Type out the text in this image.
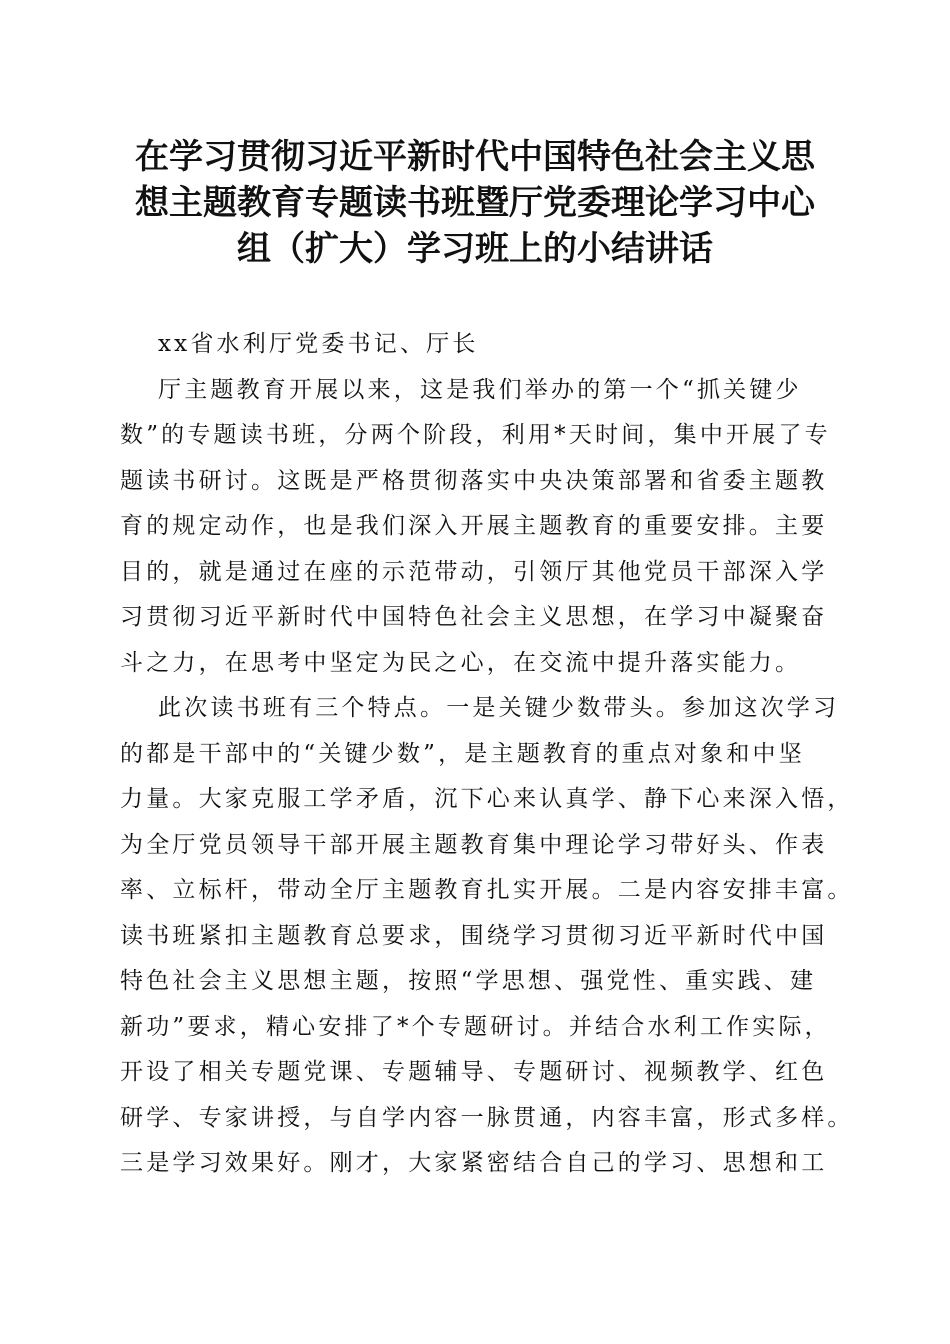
在学习贯彻习近平新时代中国特色社会主义思
想主题教育专题读书班暨厅党委理论学习中心
组（扩大）学习班上的小结讲话
xx省水利厅党委书记、厅长
厅主题教育开展以来，这是我们举办的第一个“抓关键少
数”的专题读书班，分两个阶段，利用*天时间，集中开展了专
题读书研讨。这既是严格贯彻落实中央决策部署和省委主题教
育的规定动作，也是我们深入开展主题教育的重要安排。主要
目的，就是通过在座的示范带动，引领厅其他党员干部深入学
习贯彻习近平新时代中国特色社会主义思想，在学习中凝聚奋
斗之力，在思考中坚定为民之心，在交流中提升落实能力。
此次读书班有三个特点。一是关键少数带头。参加这次学习
的都是干部中的“关键少数”，是主题教育的重点对象和中坚
力量。大家克服工学矛盾，沉下心来认真学、静下心来深入悟，
为全厅党员领导干部开展主题教育集中理论学习带好头、作表
率、立标杆，带动全厅主题教育扎实开展。二是内容安排丰富。
读书班紧扣主题教育总要求，围绕学习贯彻习近平新时代中国
特色社会主义思想主题，按照“学思想、强党性、重实践、建
新功”要求，精心安排了*个专题研讨。并结合水利工作实际，
开设了相关专题党课、专题辅导、专题研讨、视频教学、红色
研学、专家讲授，与自学内容一脉贯通，内容丰富，形式多样。
三是学习效果好。刚才，大家紧密结合自己的学习、思想和工
